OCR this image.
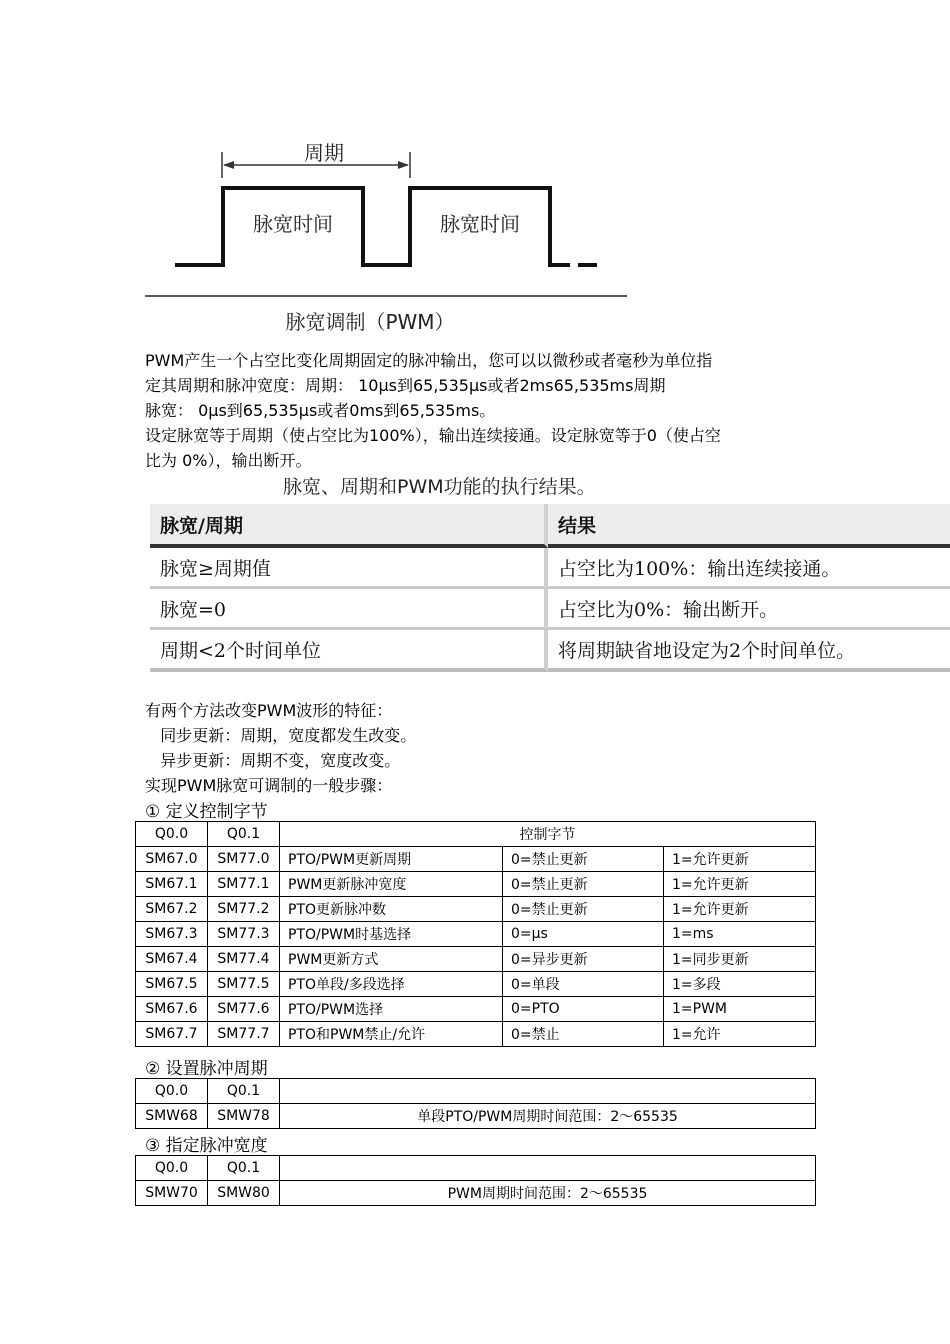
周期
脉宽时间	脉宽时间
脉宽调制（PWM）

PWM产生一个占空比变化周期固定的脉冲输出，您可以以微秒或者毫秒为单位指
定其周期和脉冲宽度：周期： 10μs到65,535μs或者2ms65,535ms周期
脉宽： 0μs到65,535μs或者0ms到65,535ms。
设定脉宽等于周期（使占空比为100%），输出连续接通。设定脉宽等于0（使占空
比为 0%），输出断开。

脉宽、周期和PWM功能的执行结果。
脉宽/周期	结果
脉宽≥周期值	占空比为100%：输出连续接通。
脉宽=0	占空比为0%：输出断开。
周期<2个时间单位	将周期缺省地设定为2个时间单位。
有两个方法改变PWM波形的特征：
同步更新：周期，宽度都发生改变。
异步更新：周期不变，宽度改变。
实现PWM脉宽可调制的一般步骤：
① 定义控制字节
Q0.0	Q0.1	控制字节		
SM67.0	SM77.0	PTO/PWM更新周期	0=禁止更新	1=允许更新
SM67.1	SM77.1	PWM更新脉冲宽度	0=禁止更新	1=允许更新
SM67.2	SM77.2	PTO更新脉冲数	0=禁止更新	1=允许更新
SM67.3	SM77.3	PTO/PWM时基选择	0=μs	1=ms
SM67.4	SM77.4	PWM更新方式	0=异步更新	1=同步更新
SM67.5	SM77.5	PTO单段/多段选择	0=单段	1=多段
SM67.6	SM77.6	PTO/PWM选择	0=PTO	1=PWM
SM67.7	SM77.7	PTO和PWM禁止/允许	0=禁止	1=允许
② 设置脉冲周期
Q0.0	Q0.1	
SMW68	SMW78	单段PTO/PWM周期时间范围：2～65535
③ 指定脉冲宽度
Q0.0	Q0.1	
SMW70	SMW80	PWM周期时间范围：2～65535
